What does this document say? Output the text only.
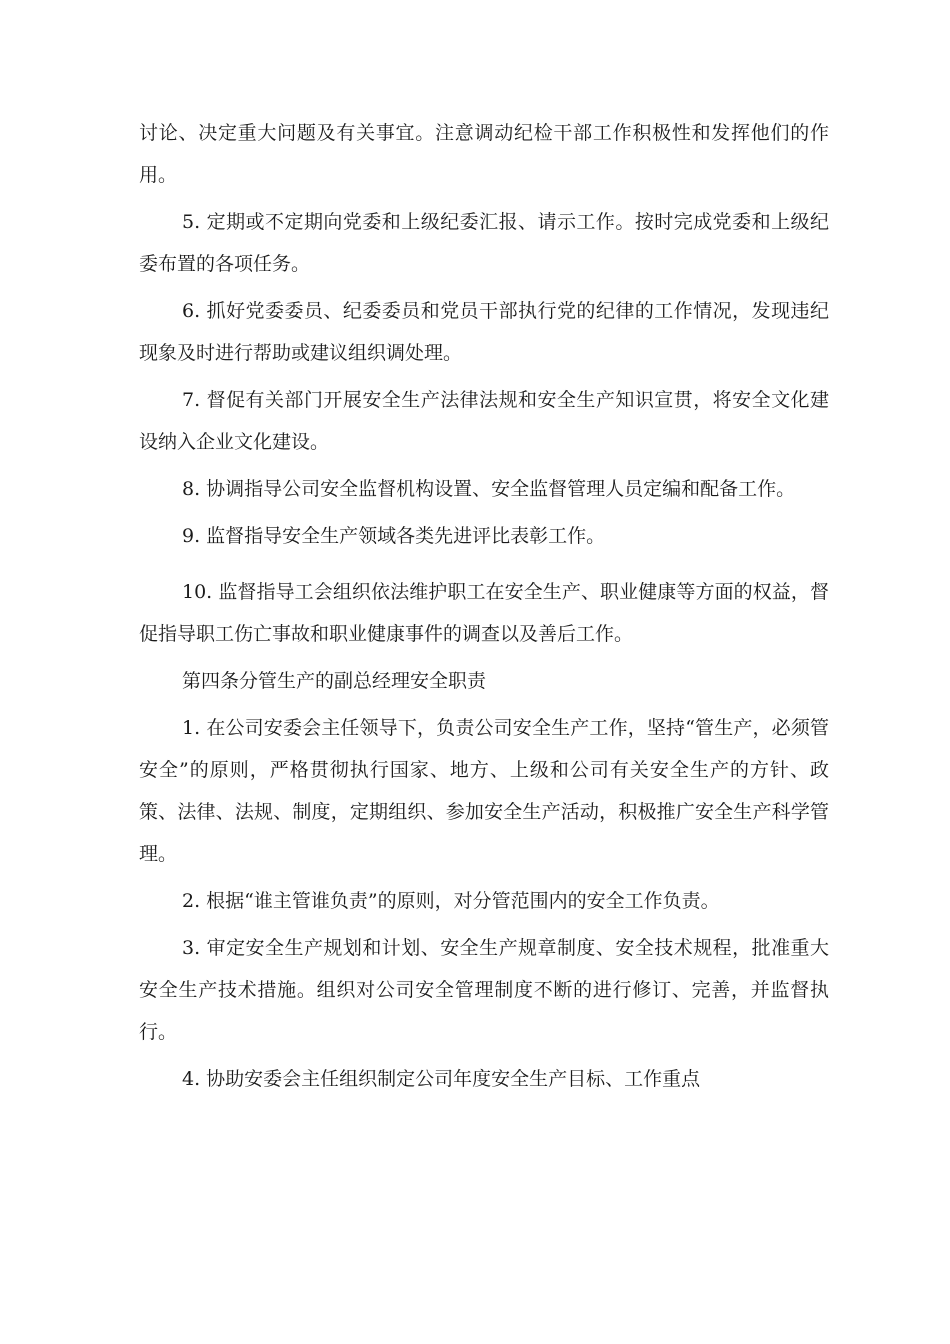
讨论、决定重大问题及有关事宜。注意调动纪检干部工作积极性和发挥他们的作用。

5. 定期或不定期向党委和上级纪委汇报、请示工作。按时完成党委和上级纪委布置的各项任务。

6. 抓好党委委员、纪委委员和党员干部执行党的纪律的工作情况，发现违纪现象及时进行帮助或建议组织调处理。

7. 督促有关部门开展安全生产法律法规和安全生产知识宣贯，将安全文化建设纳入企业文化建设。

8. 协调指导公司安全监督机构设置、安全监督管理人员定编和配备工作。

9. 监督指导安全生产领域各类先进评比表彰工作。

10. 监督指导工会组织依法维护职工在安全生产、职业健康等方面的权益，督促指导职工伤亡事故和职业健康事件的调查以及善后工作。

第四条分管生产的副总经理安全职责

1. 在公司安委会主任领导下，负责公司安全生产工作，坚持“管生产，必须管安全”的原则，严格贯彻执行国家、地方、上级和公司有关安全生产的方针、政策、法律、法规、制度，定期组织、参加安全生产活动，积极推广安全生产科学管理。

2. 根据“谁主管谁负责”的原则，对分管范围内的安全工作负责。

3. 审定安全生产规划和计划、安全生产规章制度、安全技术规程，批准重大安全生产技术措施。组织对公司安全管理制度不断的进行修订、完善，并监督执行。

4. 协助安委会主任组织制定公司年度安全生产目标、工作重点
